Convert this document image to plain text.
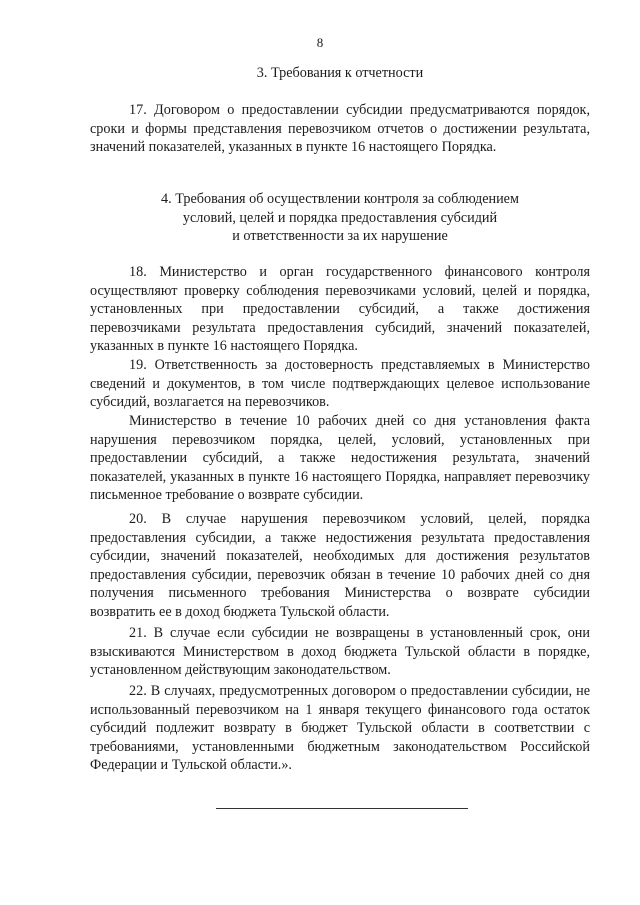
8
3. Требования к отчетности
17. Договором о предоставлении субсидии предусматриваются порядок, сроки и формы представления перевозчиком отчетов о достижении результата, значений показателей, указанных в пункте 16 настоящего Порядка.
4. Требования об осуществлении контроля за соблюдением
условий, целей и порядка предоставления субсидий
и ответственности за их нарушение
18. Министерство и орган государственного финансового контроля осуществляют проверку соблюдения перевозчиками условий, целей и порядка, установленных при предоставлении субсидий, а также достижения перевозчиками результата предоставления субсидий, значений показателей, указанных в пункте 16 настоящего Порядка.
19. Ответственность за достоверность представляемых в Министерство сведений и документов, в том числе подтверждающих целевое использование субсидий, возлагается на перевозчиков.
Министерство в течение 10 рабочих дней со дня установления факта нарушения перевозчиком порядка, целей, условий, установленных при предоставлении субсидий, а также недостижения результата, значений показателей, указанных в пункте 16 настоящего Порядка, направляет перевозчику письменное требование о возврате субсидии.
20. В случае нарушения перевозчиком условий, целей, порядка предоставления субсидии, а также недостижения результата предоставления субсидии, значений показателей, необходимых для достижения результатов предоставления субсидии, перевозчик обязан в течение 10 рабочих дней со дня получения письменного требования Министерства о возврате субсидии возвратить ее в доход бюджета Тульской области.
21. В случае если субсидии не возвращены в установленный срок, они взыскиваются Министерством в доход бюджета Тульской области в порядке, установленном действующим законодательством.
22. В случаях, предусмотренных договором о предоставлении субсидии, не использованный перевозчиком на 1 января текущего финансового года остаток субсидий подлежит возврату в бюджет Тульской области в соответствии с требованиями, установленными бюджетным законодательством Российской Федерации и Тульской области.».
